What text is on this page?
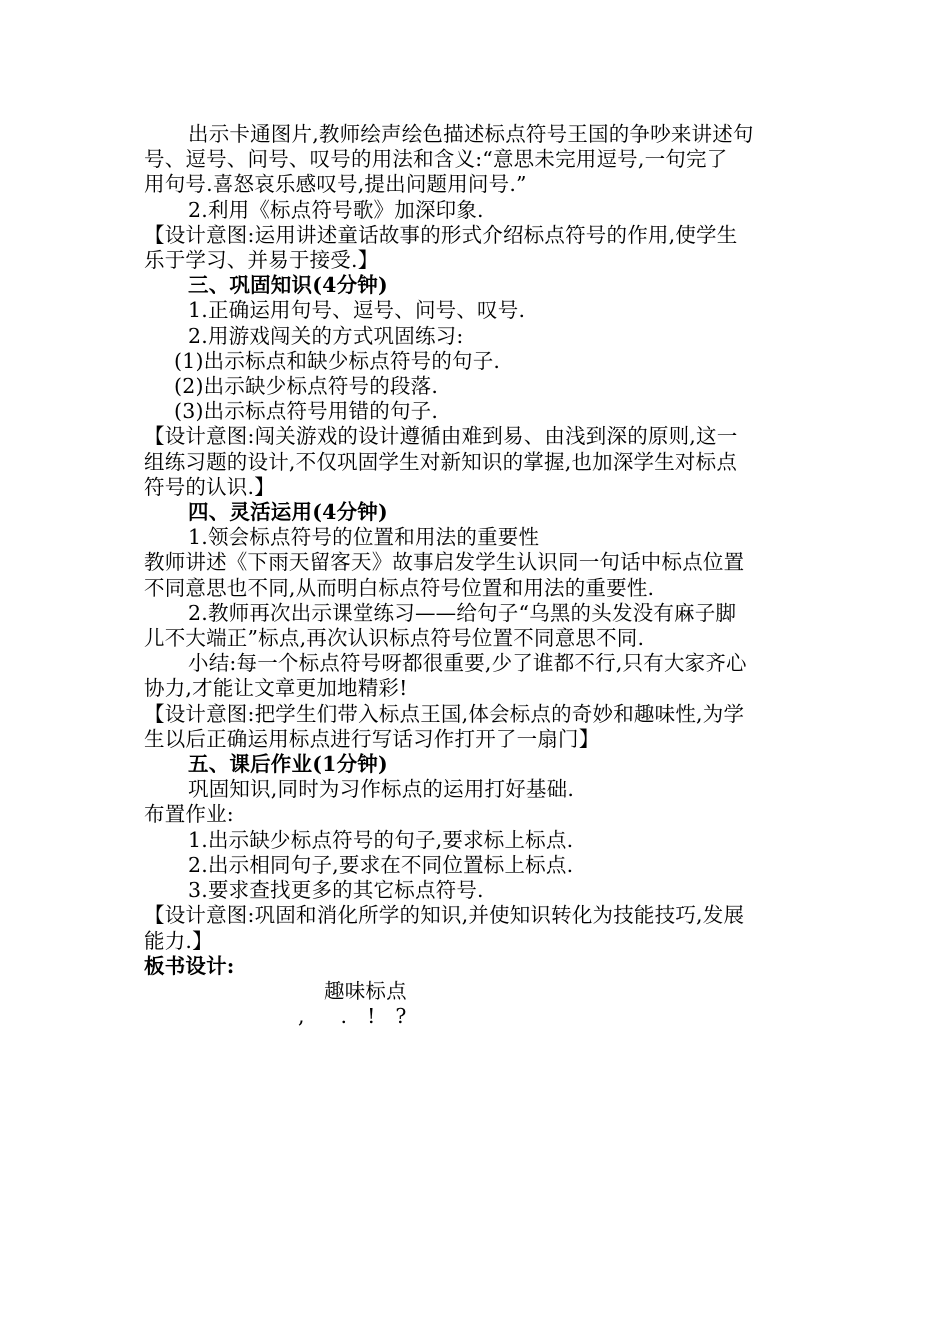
出示卡通图片,教师绘声绘色描述标点符号王国的争吵来讲述句
号、逗号、问号、叹号的用法和含义:“意思未完用逗号,一句完了
用句号.喜怒哀乐感叹号,提出问题用问号.”
2.利用《标点符号歌》加深印象.
【设计意图:运用讲述童话故事的形式介绍标点符号的作用,使学生
乐于学习、并易于接受.】
三、巩固知识(4分钟)
1.正确运用句号、逗号、问号、叹号.
2.用游戏闯关的方式巩固练习:
(1)出示标点和缺少标点符号的句子.
(2)出示缺少标点符号的段落.
(3)出示标点符号用错的句子.
【设计意图:闯关游戏的设计遵循由难到易、由浅到深的原则,这一
组练习题的设计,不仅巩固学生对新知识的掌握,也加深学生对标点
符号的认识.】
四、灵活运用(4分钟)
1.领会标点符号的位置和用法的重要性
教师讲述《下雨天留客天》故事启发学生认识同一句话中标点位置
不同意思也不同,从而明白标点符号位置和用法的重要性.
2.教师再次出示课堂练习——给句子“乌黑的头发没有麻子脚
儿不大端正”标点,再次认识标点符号位置不同意思不同.
小结:每一个标点符号呀都很重要,少了谁都不行,只有大家齐心
协力,才能让文章更加地精彩!
【设计意图:把学生们带入标点王国,体会标点的奇妙和趣味性,为学
生以后正确运用标点进行写话习作打开了一扇门】
五、课后作业(1分钟)
巩固知识,同时为习作标点的运用打好基础.
布置作业:
1.出示缺少标点符号的句子,要求标上标点.
2.出示相同句子,要求在不同位置标上标点.
3.要求查找更多的其它标点符号.
【设计意图:巩固和消化所学的知识,并使知识转化为技能技巧,发展
能力.】
板书设计:
趣味标点
, . ! ?
